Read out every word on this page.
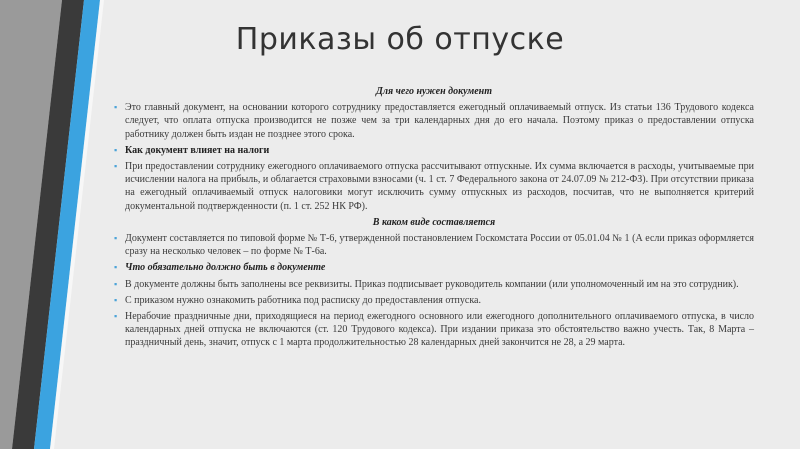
Приказы об отпуске

Для чего нужен документ

▪ Это главный документ, на основании которого сотруднику предоставляется ежегодный оплачиваемый отпуск. Из статьи 136 Трудового кодекса следует, что оплата отпуска производится не позже чем за три календарных дня до его начала. Поэтому приказ о предоставлении отпуска работнику должен быть издан не позднее этого срока.
▪ Как документ влияет на налоги
▪ При предоставлении сотруднику ежегодного оплачиваемого отпуска рассчитывают отпускные. Их сумма включается в расходы, учитываемые при исчислении налога на прибыль, и облагается страховыми взносами (ч. 1 ст. 7 Федерального закона от 24.07.09 № 212-ФЗ). При отсутствии приказа на ежегодный оплачиваемый отпуск налоговики могут исключить сумму отпускных из расходов, посчитав, что не выполняется критерий документальной подтвержденности (п. 1 ст. 252 НК РФ).

В каком виде составляется

▪ Документ составляется по типовой форме № Т-6, утвержденной постановлением Госкомстата России от 05.01.04 № 1 (А если приказ оформляется сразу на несколько человек – по форме № Т-6а.
▪ Что обязательно должно быть в документе
▪ В документе должны быть заполнены все реквизиты. Приказ подписывает руководитель компании (или уполномоченный им на это сотрудник).
▪ С приказом нужно ознакомить работника под расписку до предоставления отпуска.
▪ Нерабочие праздничные дни, приходящиеся на период ежегодного основного или ежегодного дополнительного оплачиваемого отпуска, в число календарных дней отпуска не включаются (ст. 120 Трудового кодекса). При издании приказа это обстоятельство важно учесть. Так, 8 Марта – праздничный день, значит, отпуск с 1 марта продолжительностью 28 календарных дней закончится не 28, а 29 марта.
